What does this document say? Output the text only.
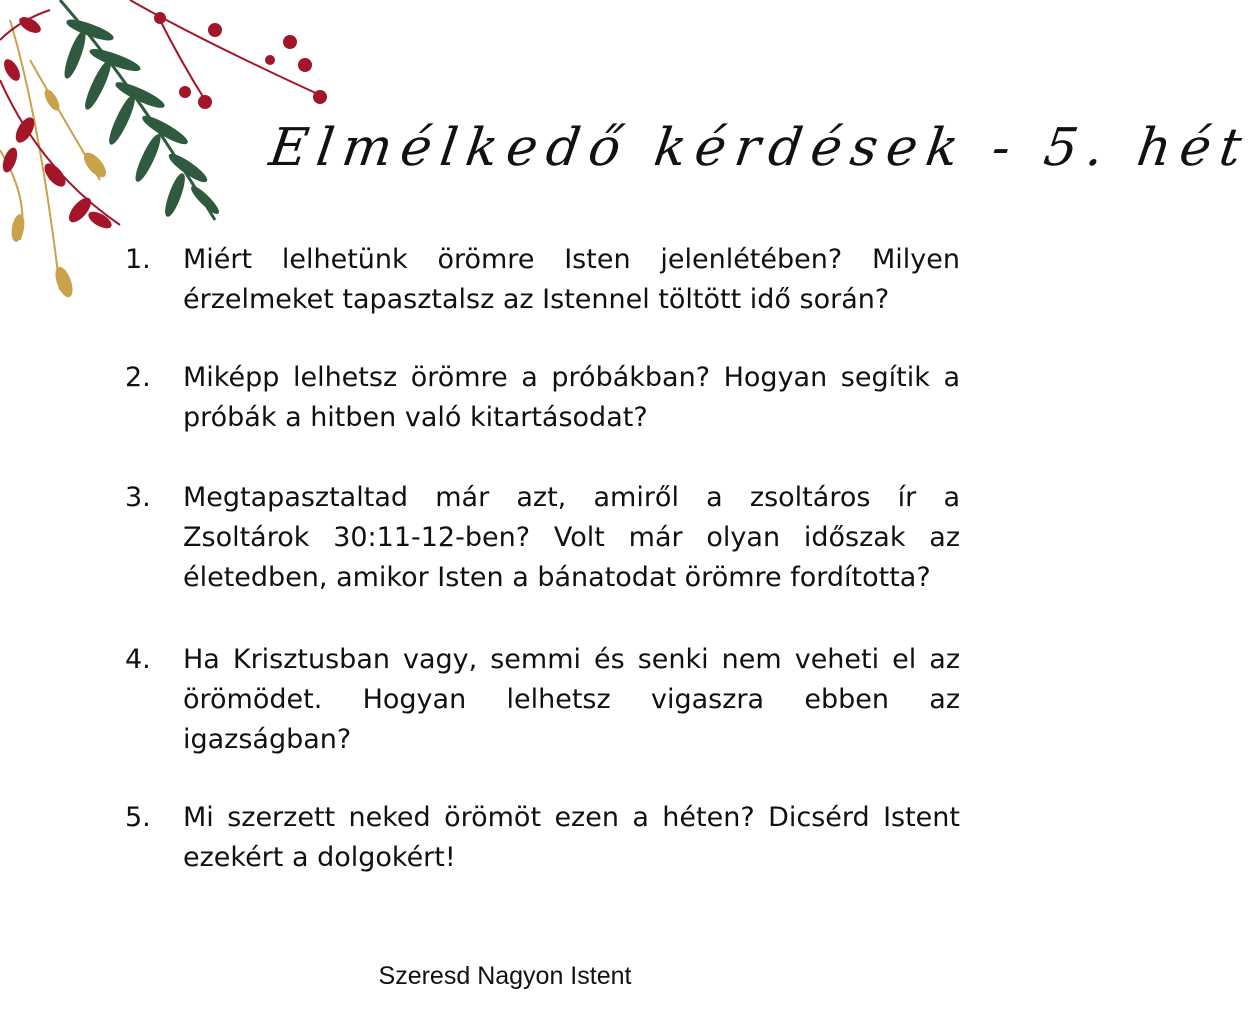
Elmélkedő kérdések - 5. hét
1.	Miért lelhetünk örömre Isten jelenlétében? Milyen érzelmeket tapasztalsz az Istennel töltött idő során?
2.	Miképp lelhetsz örömre a próbákban? Hogyan segítik a próbák a hitben való kitartásodat?
3.	Megtapasztaltad már azt, amiről a zsoltáros ír a Zsoltárok 30:11-12-ben? Volt már olyan időszak az életedben, amikor Isten a bánatodat örömre fordította?
4.	Ha Krisztusban vagy, semmi és senki nem veheti el az örömödet. Hogyan lelhetsz vigaszra ebben az igazságban?
5.	Mi szerzett neked örömöt ezen a héten? Dicsérd Istent ezekért a dolgokért!
Szeresd Nagyon Istent
